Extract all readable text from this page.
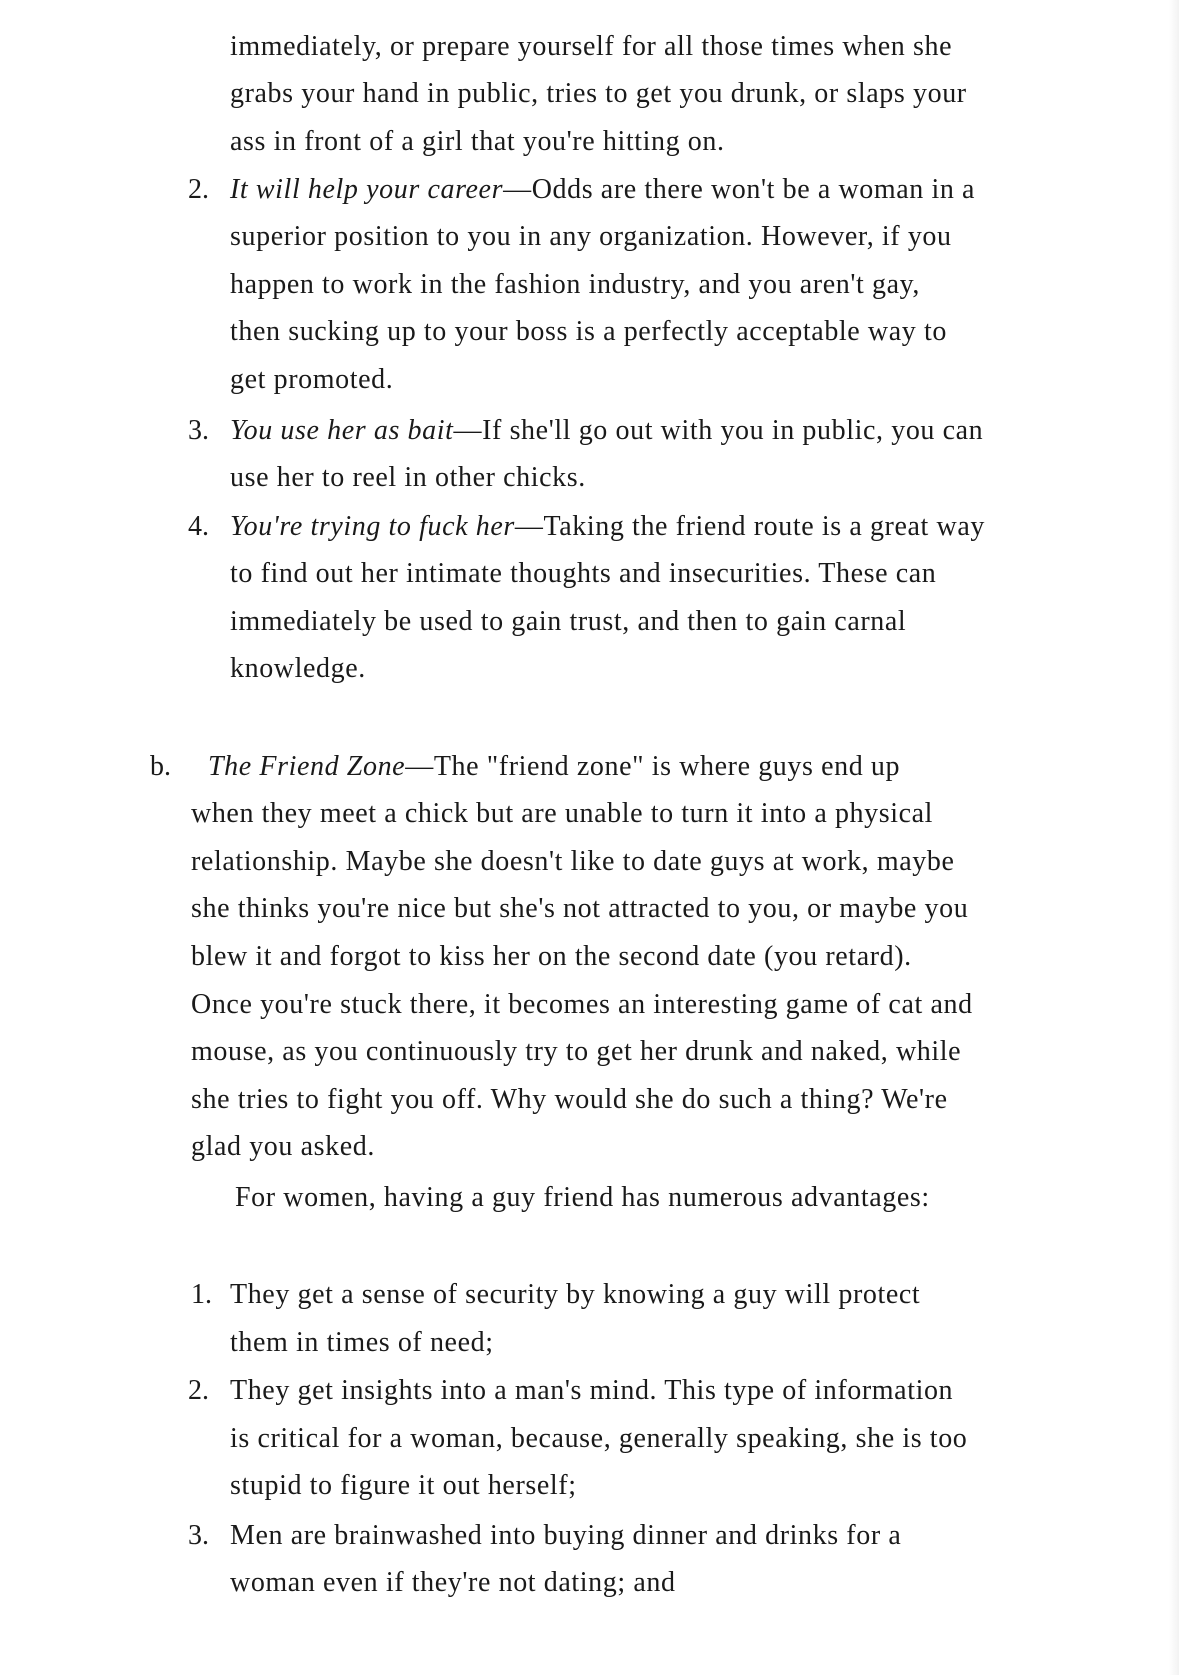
immediately, or prepare yourself for all those times when she
grabs your hand in public, tries to get you drunk, or slaps your
ass in front of a girl that you're hitting on.
2. It will help your career—Odds are there won't be a woman in a
superior position to you in any organization. However, if you
happen to work in the fashion industry, and you aren't gay,
then sucking up to your boss is a perfectly acceptable way to
get promoted.
3. You use her as bait—If she'll go out with you in public, you can
use her to reel in other chicks.
4. You're trying to fuck her—Taking the friend route is a great way
to find out her intimate thoughts and insecurities. These can
immediately be used to gain trust, and then to gain carnal
knowledge.
b. The Friend Zone—The "friend zone" is where guys end up
when they meet a chick but are unable to turn it into a physical
relationship. Maybe she doesn't like to date guys at work, maybe
she thinks you're nice but she's not attracted to you, or maybe you
blew it and forgot to kiss her on the second date (you retard).
Once you're stuck there, it becomes an interesting game of cat and
mouse, as you continuously try to get her drunk and naked, while
she tries to fight you off. Why would she do such a thing? We're
glad you asked.
For women, having a guy friend has numerous advantages:
1. They get a sense of security by knowing a guy will protect
them in times of need;
2. They get insights into a man's mind. This type of information
is critical for a woman, because, generally speaking, she is too
stupid to figure it out herself;
3. Men are brainwashed into buying dinner and drinks for a
woman even if they're not dating; and
